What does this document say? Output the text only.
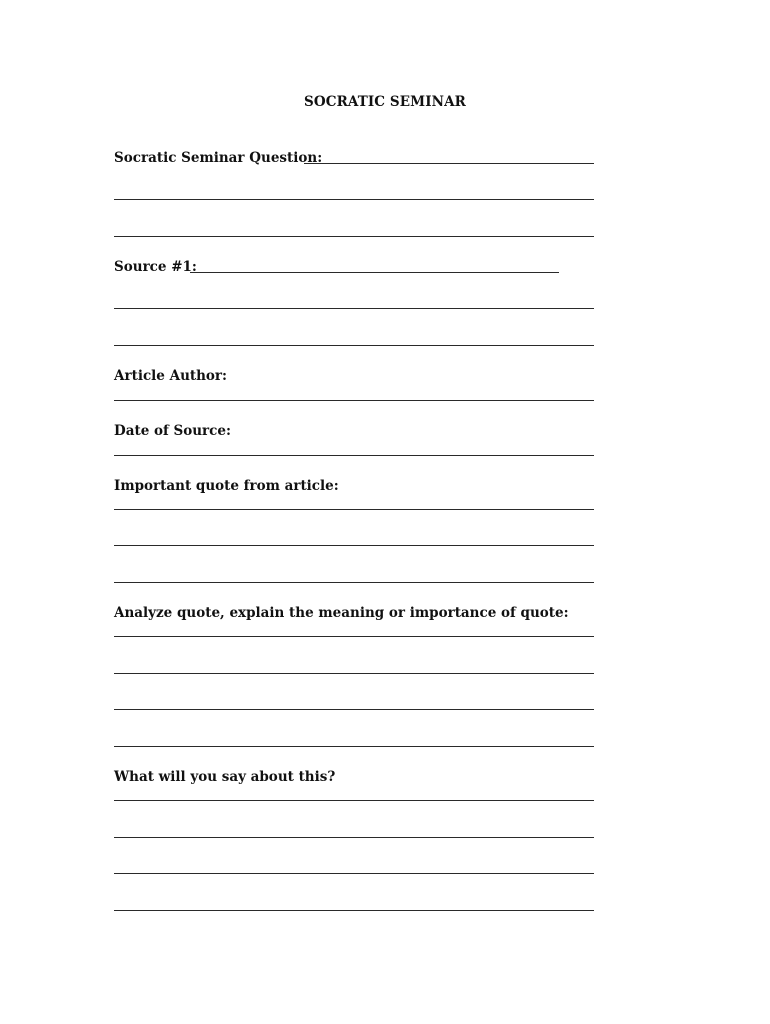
SOCRATIC SEMINAR
Socratic Seminar Question:
Source #1:
Article Author:
Date of Source:
Important quote from article:
Analyze quote, explain the meaning or importance of quote:
What will you say about this?
